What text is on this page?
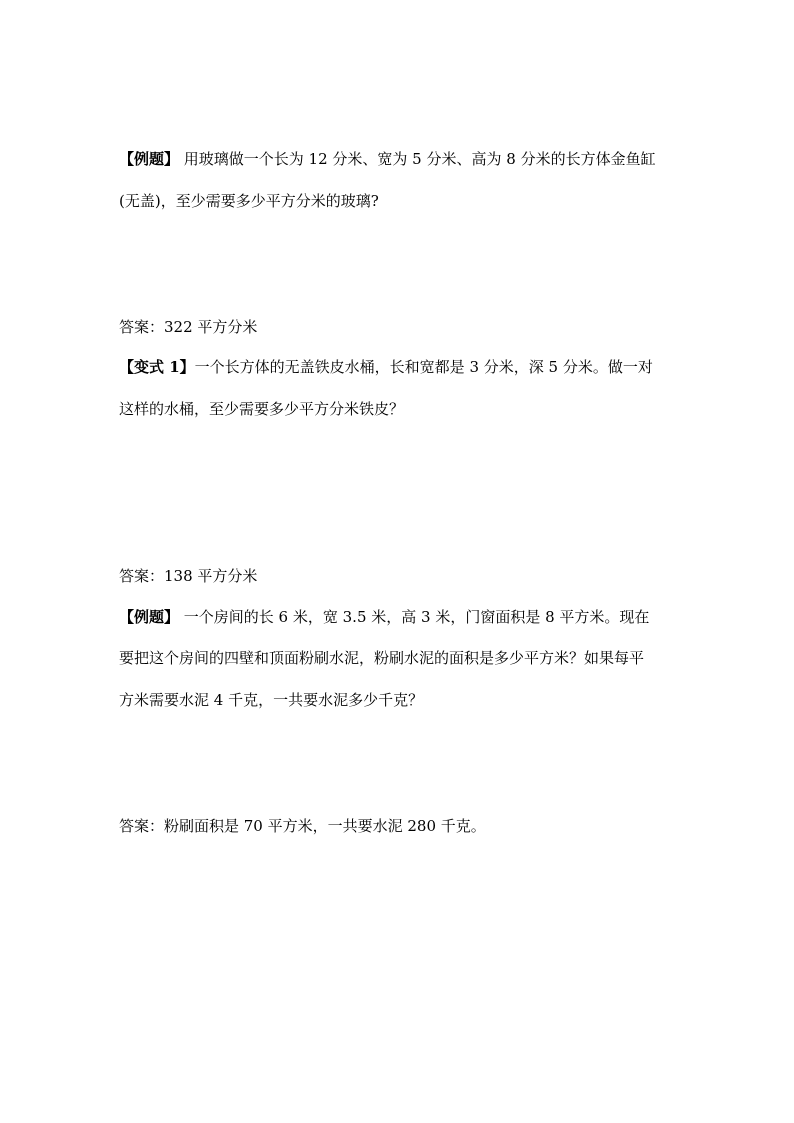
【例题】 用玻璃做一个长为 12 分米、宽为 5 分米、高为 8 分米的长方体金鱼缸
(无盖)，至少需要多少平方分米的玻璃?
答案：322 平方分米
【变式 1】一个长方体的无盖铁皮水桶，长和宽都是 3 分米，深 5 分米。做一对
这样的水桶，至少需要多少平方分米铁皮？
答案：138 平方分米
【例题】 一个房间的长 6 米，宽 3.5 米，高 3 米，门窗面积是 8 平方米。现在
要把这个房间的四壁和顶面粉刷水泥，粉刷水泥的面积是多少平方米？如果每平
方米需要水泥 4 千克，一共要水泥多少千克？
答案：粉刷面积是 70 平方米，一共要水泥 280 千克。
